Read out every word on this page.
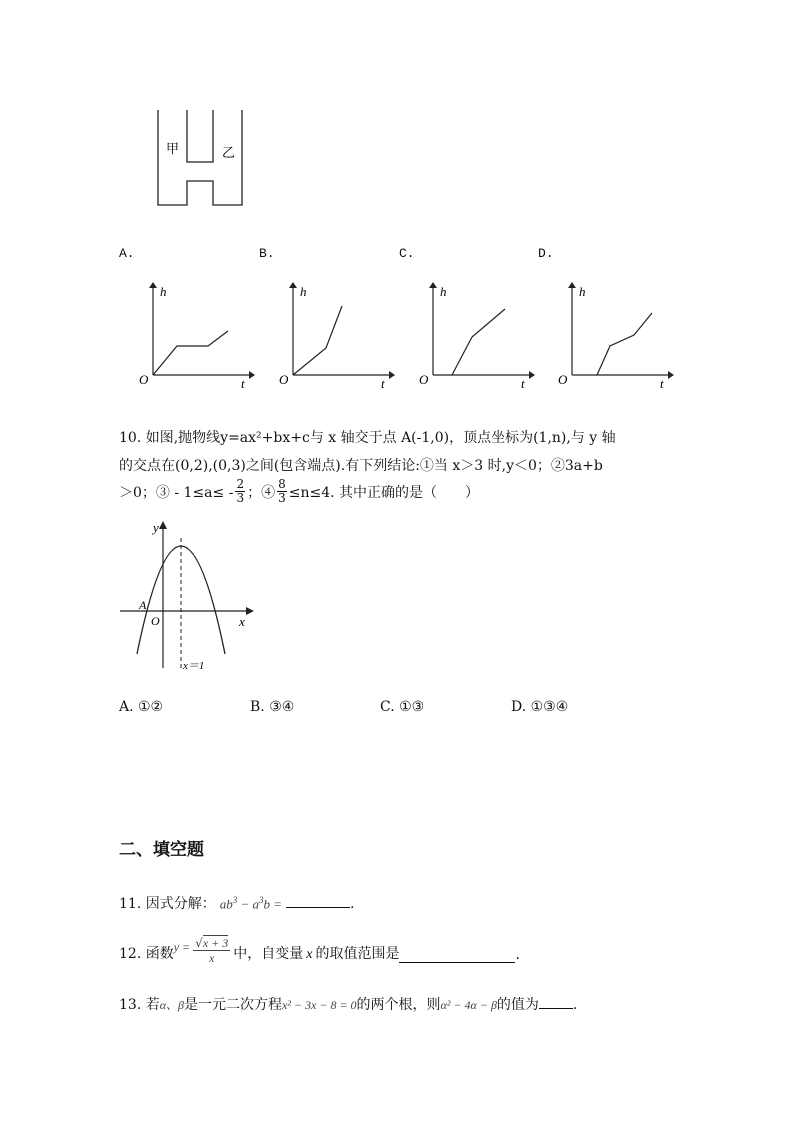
甲	乙
A.	B.	C.	D.
h
t
O
h
t
O
h
t
O
h
t
O
10. 如图,抛物线y=ax²+bx+c与 x 轴交于点 A(-1,0)，顶点坐标为(1,n),与 y 轴
的交点在(0,2),(0,3)之间(包含端点).有下列结论:①当 x＞3 时,y＜0；②3a+b
＞0；③ - $1\le a\le - \frac{2}{3}$ ；④ $\frac{8}{3} \le n\le 4$. 其中正确的是（　　）
y
x
O
A
x＝1
A. ①②	B. ③④	C. ①③	D. ①③④
二、填空题
11. 因式分解： $ab^3 - a^3b$ =	.
12. 函数 $y = \frac{√x + 3}{x}$ 中，自变量 x 的取值范围是	.
13. 若 α、β 是一元二次方程 x² − 3x − 8 = 0 的两个根，则 α² − 4α − β 的值为 .
